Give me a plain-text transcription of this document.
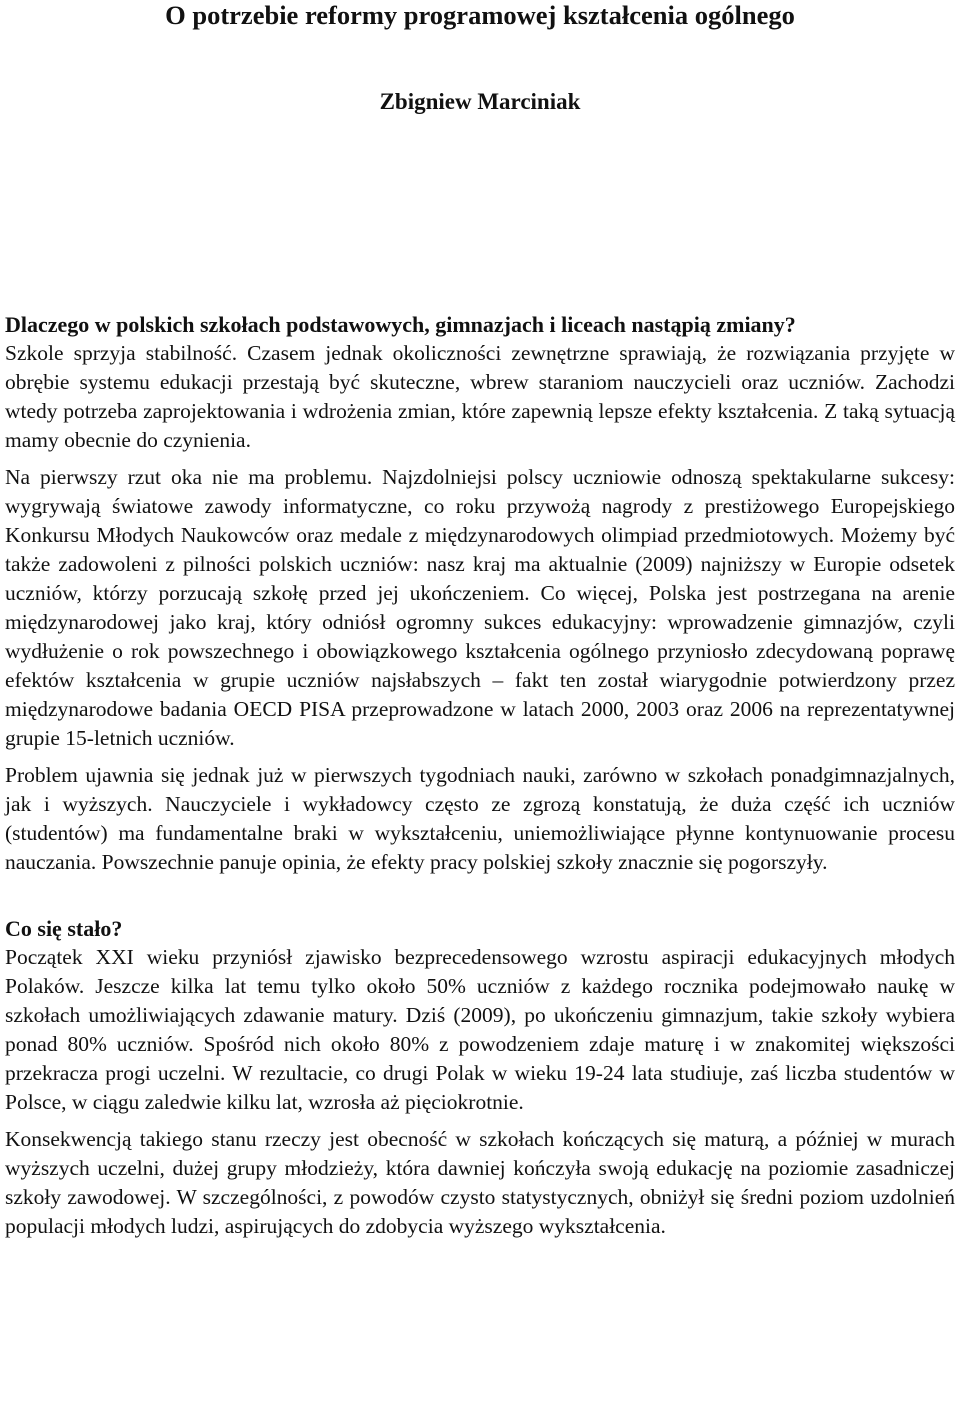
O potrzebie reformy programowej kształcenia ogólnego
Zbigniew Marciniak
Dlaczego w polskich szkołach podstawowych, gimnazjach i liceach nastąpią zmiany?

Szkole sprzyja stabilność. Czasem jednak okoliczności zewnętrzne sprawiają, że rozwiązania przyjęte w obrębie systemu edukacji przestają być skuteczne, wbrew staraniom nauczycieli oraz uczniów. Zachodzi wtedy potrzeba zaprojektowania i wdrożenia zmian, które zapewnią lepsze efekty kształcenia. Z taką sytuacją mamy obecnie do czynienia.

Na pierwszy rzut oka nie ma problemu. Najzdolniejsi polscy uczniowie odnoszą spektakularne sukcesy: wygrywają światowe zawody informatyczne, co roku przywożą nagrody z prestiżowego Europejskiego Konkursu Młodych Naukowców oraz medale z międzynarodowych olimpiad przedmiotowych. Możemy być także zadowoleni z pilności polskich uczniów: nasz kraj ma aktualnie (2009) najniższy w Europie odsetek uczniów, którzy porzucają szkołę przed jej ukończeniem. Co więcej, Polska jest postrzegana na arenie międzynarodowej jako kraj, który odniósł ogromny sukces edukacyjny: wprowadzenie gimnazjów, czyli wydłużenie o rok powszechnego i obowiązkowego kształcenia ogólnego przyniosło zdecydowaną poprawę efektów kształcenia w grupie uczniów najsłabszych – fakt ten został wiarygodnie potwierdzony przez międzynarodowe badania OECD PISA przeprowadzone w latach 2000, 2003 oraz 2006 na reprezentatywnej grupie 15-letnich uczniów.

Problem ujawnia się jednak już w pierwszych tygodniach nauki, zarówno w szkołach ponadgimnazjalnych, jak i wyższych. Nauczyciele i wykładowcy często ze zgrozą konstatują, że duża część ich uczniów (studentów) ma fundamentalne braki w wykształceniu, uniemożliwiające płynne kontynuowanie procesu nauczania. Powszechnie panuje opinia, że efekty pracy polskiej szkoły znacznie się pogorszyły.

Co się stało?

Początek XXI wieku przyniósł zjawisko bezprecedensowego wzrostu aspiracji edukacyjnych młodych Polaków. Jeszcze kilka lat temu tylko około 50% uczniów z każdego rocznika podejmowało naukę w szkołach umożliwiających zdawanie matury. Dziś (2009), po ukończeniu gimnazjum, takie szkoły wybiera ponad 80% uczniów. Spośród nich około 80% z powodzeniem zdaje maturę i w znakomitej większości przekracza progi uczelni. W rezultacie, co drugi Polak w wieku 19-24 lata studiuje, zaś liczba studentów w Polsce, w ciągu zaledwie kilku lat, wzrosła aż pięciokrotnie.

Konsekwencją takiego stanu rzeczy jest obecność w szkołach kończących się maturą, a później w murach wyższych uczelni, dużej grupy młodzieży, która dawniej kończyła swoją edukację na poziomie zasadniczej szkoły zawodowej. W szczególności, z powodów czysto statystycznych, obniżył się średni poziom uzdolnień populacji młodych ludzi, aspirujących do zdobycia wyższego wykształcenia.
